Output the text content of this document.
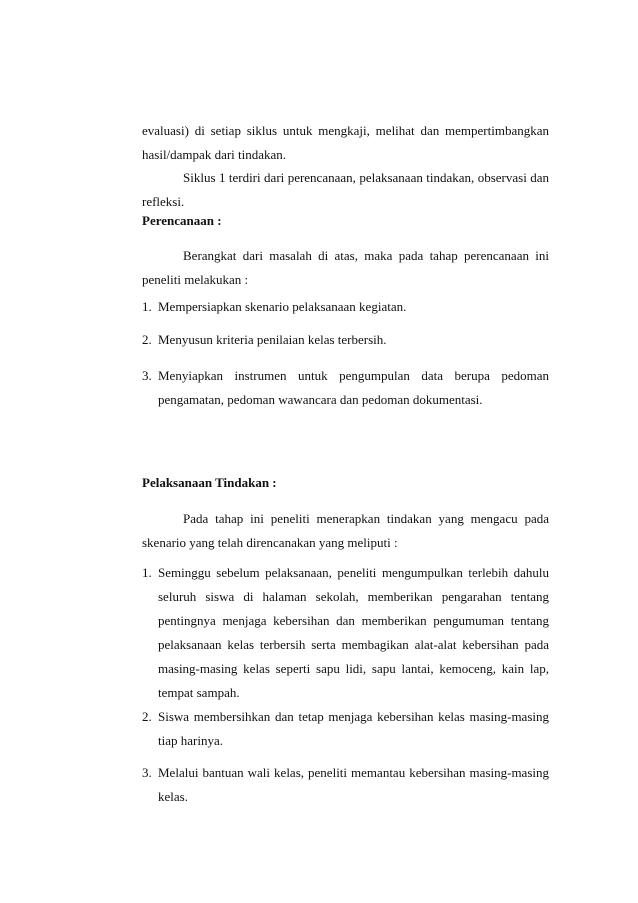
evaluasi) di setiap siklus untuk mengkaji, melihat dan mempertimbangkan hasil/dampak dari tindakan.

Siklus 1 terdiri dari perencanaan, pelaksanaan tindakan, observasi dan refleksi.

Perencanaan :

Berangkat dari masalah di atas, maka pada tahap perencanaan ini peneliti melakukan :

1. Mempersiapkan skenario pelaksanaan kegiatan.
2. Menyusun kriteria penilaian kelas terbersih.
3. Menyiapkan instrumen untuk pengumpulan data berupa pedoman pengamatan, pedoman wawancara dan pedoman dokumentasi.

Pelaksanaan Tindakan :

Pada tahap ini peneliti menerapkan tindakan yang mengacu pada skenario yang telah direncanakan yang meliputi :

1. Seminggu sebelum pelaksanaan, peneliti mengumpulkan terlebih dahulu seluruh siswa di halaman sekolah, memberikan pengarahan tentang pentingnya menjaga kebersihan dan memberikan pengumuman tentang pelaksanaan kelas terbersih serta membagikan alat-alat kebersihan pada masing-masing kelas seperti sapu lidi, sapu lantai, kemoceng, kain lap, tempat sampah.
2. Siswa membersihkan dan tetap menjaga kebersihan kelas masing-masing tiap harinya.
3. Melalui bantuan wali kelas, peneliti memantau kebersihan masing-masing kelas.
